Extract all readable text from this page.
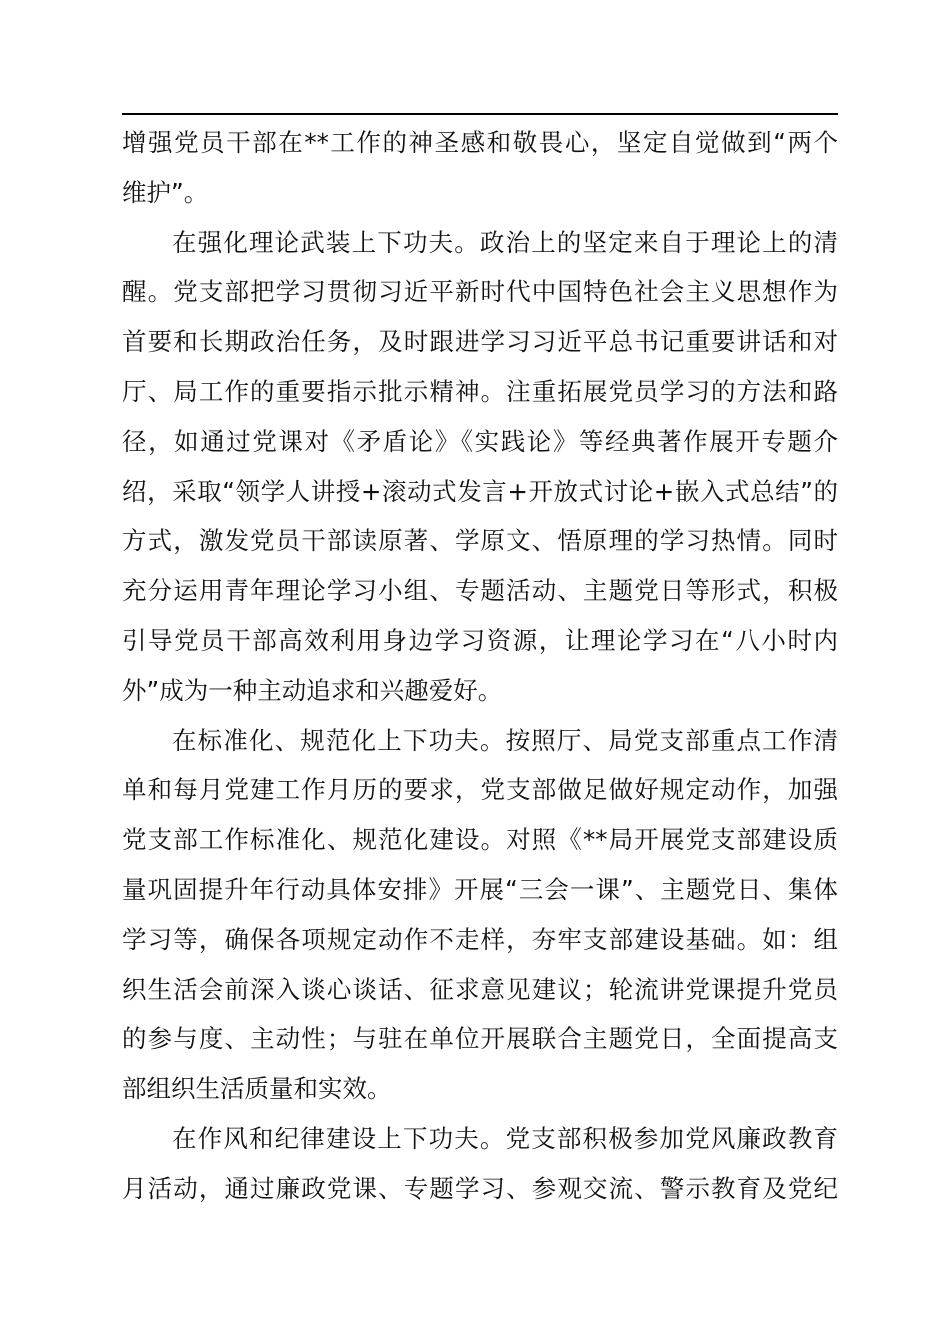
增强党员干部在**工作的神圣感和敬畏心，坚定自觉做到“两个
维护”。
在强化理论武装上下功夫。政治上的坚定来自于理论上的清
醒。党支部把学习贯彻习近平新时代中国特色社会主义思想作为
首要和长期政治任务，及时跟进学习习近平总书记重要讲话和对
厅、局工作的重要指示批示精神。注重拓展党员学习的方法和路
径，如通过党课对《矛盾论》《实践论》等经典著作展开专题介
绍，采取“领学人讲授+滚动式发言+开放式讨论+嵌入式总结”的
方式，激发党员干部读原著、学原文、悟原理的学习热情。同时
充分运用青年理论学习小组、专题活动、主题党日等形式，积极
引导党员干部高效利用身边学习资源，让理论学习在“八小时内
外”成为一种主动追求和兴趣爱好。
在标准化、规范化上下功夫。按照厅、局党支部重点工作清
单和每月党建工作月历的要求，党支部做足做好规定动作，加强
党支部工作标准化、规范化建设。对照《**局开展党支部建设质
量巩固提升年行动具体安排》开展“三会一课”、主题党日、集体
学习等，确保各项规定动作不走样，夯牢支部建设基础。如：组
织生活会前深入谈心谈话、征求意见建议；轮流讲党课提升党员
的参与度、主动性；与驻在单位开展联合主题党日，全面提高支
部组织生活质量和实效。
在作风和纪律建设上下功夫。党支部积极参加党风廉政教育
月活动，通过廉政党课、专题学习、参观交流、警示教育及党纪
